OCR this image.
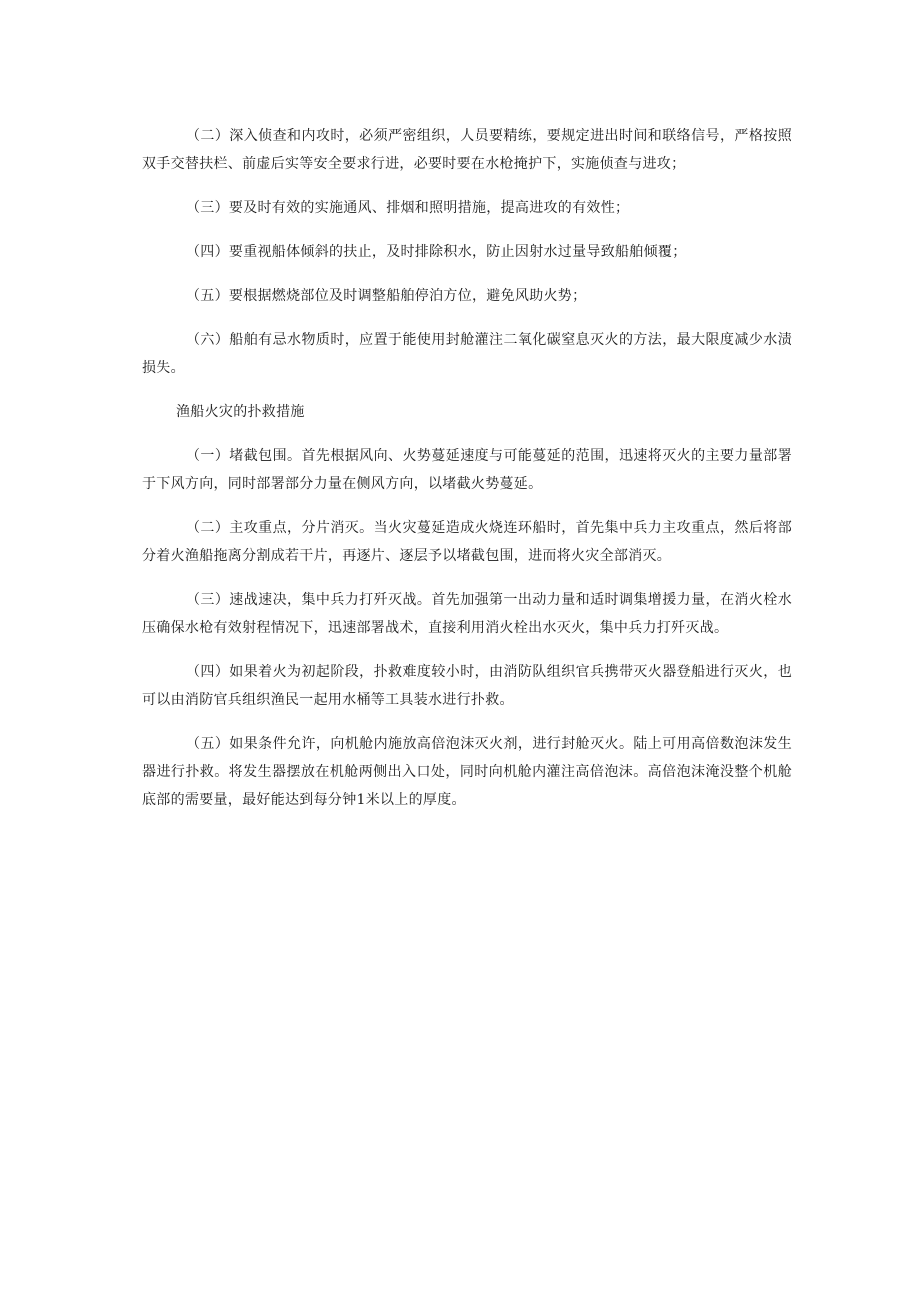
（二）深入侦查和内攻时，必须严密组织，人员要精练，要规定进出时间和联络信号，严格按照双手交替扶栏、前虚后实等安全要求行进，必要时要在水枪掩护下，实施侦查与进攻；

（三）要及时有效的实施通风、排烟和照明措施，提高进攻的有效性；

（四）要重视船体倾斜的扶止，及时排除积水，防止因射水过量导致船舶倾覆；

（五）要根据燃烧部位及时调整船舶停泊方位，避免风助火势；

（六）船舶有忌水物质时，应置于能使用封舱灌注二氧化碳窒息灭火的方法，最大限度减少水渍损失。

渔船火灾的扑救措施

（一）堵截包围。首先根据风向、火势蔓延速度与可能蔓延的范围，迅速将灭火的主要力量部署于下风方向，同时部署部分力量在侧风方向，以堵截火势蔓延。

（二）主攻重点，分片消灭。当火灾蔓延造成火烧连环船时，首先集中兵力主攻重点，然后将部分着火渔船拖离分割成若干片，再逐片、逐层予以堵截包围，进而将火灾全部消灭。

（三）速战速决，集中兵力打歼灭战。首先加强第一出动力量和适时调集增援力量，在消火栓水压确保水枪有效射程情况下，迅速部署战术，直接利用消火栓出水灭火，集中兵力打歼灭战。

（四）如果着火为初起阶段，扑救难度较小时，由消防队组织官兵携带灭火器登船进行灭火，也可以由消防官兵组织渔民一起用水桶等工具装水进行扑救。

（五）如果条件允许，向机舱内施放高倍泡沫灭火剂，进行封舱灭火。陆上可用高倍数泡沫发生器进行扑救。将发生器摆放在机舱两侧出入口处，同时向机舱内灌注高倍泡沫。高倍泡沫淹没整个机舱底部的需要量，最好能达到每分钟1米以上的厚度。
